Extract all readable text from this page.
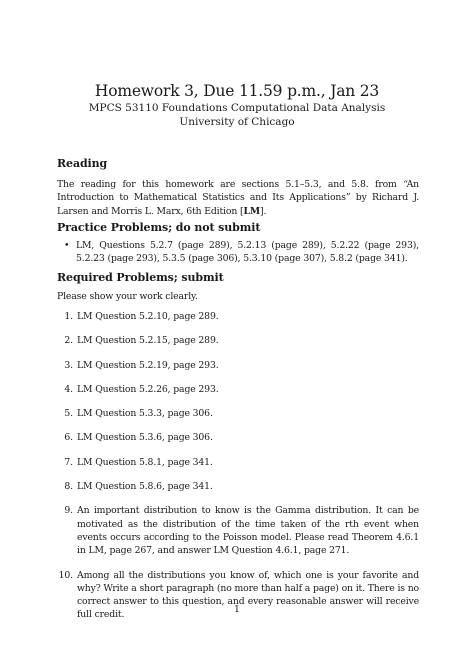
Homework 3, Due 11.59 p.m., Jan 23

MPCS 53110 Foundations Computational Data Analysis

University of Chicago

Reading

The reading for this homework are sections 5.1–5.3, and 5.8. from “An Introduction to Mathematical Statistics and Its Applications” by Richard J. Larsen and Morris L. Marx, 6th Edition [LM].

Practice Problems; do not submit
• LM, Questions 5.2.7 (page 289), 5.2.13 (page 289), 5.2.22 (page 293), 5.2.23 (page 293), 5.3.5 (page 306), 5.3.10 (page 307), 5.8.2 (page 341).
Required Problems; submit

Please show your work clearly.

1. LM Question 5.2.10, page 289.
2. LM Question 5.2.15, page 289.
3. LM Question 5.2.19, page 293.
4. LM Question 5.2.26, page 293.
5. LM Question 5.3.3, page 306.
6. LM Question 5.3.6, page 306.
7. LM Question 5.8.1, page 341.
8. LM Question 5.8.6, page 341.
9. An important distribution to know is the Gamma distribution. It can be motivated as the distribution of the time taken of the rth event when events occurs according to the Poisson model. Please read Theorem 4.6.1 in LM, page 267, and answer LM Question 4.6.1, page 271.
10. Among all the distributions you know of, which one is your favorite and why? Write a short paragraph (no more than half a page) on it. There is no correct answer to this question, and every reasonable answer will receive full credit.	1
